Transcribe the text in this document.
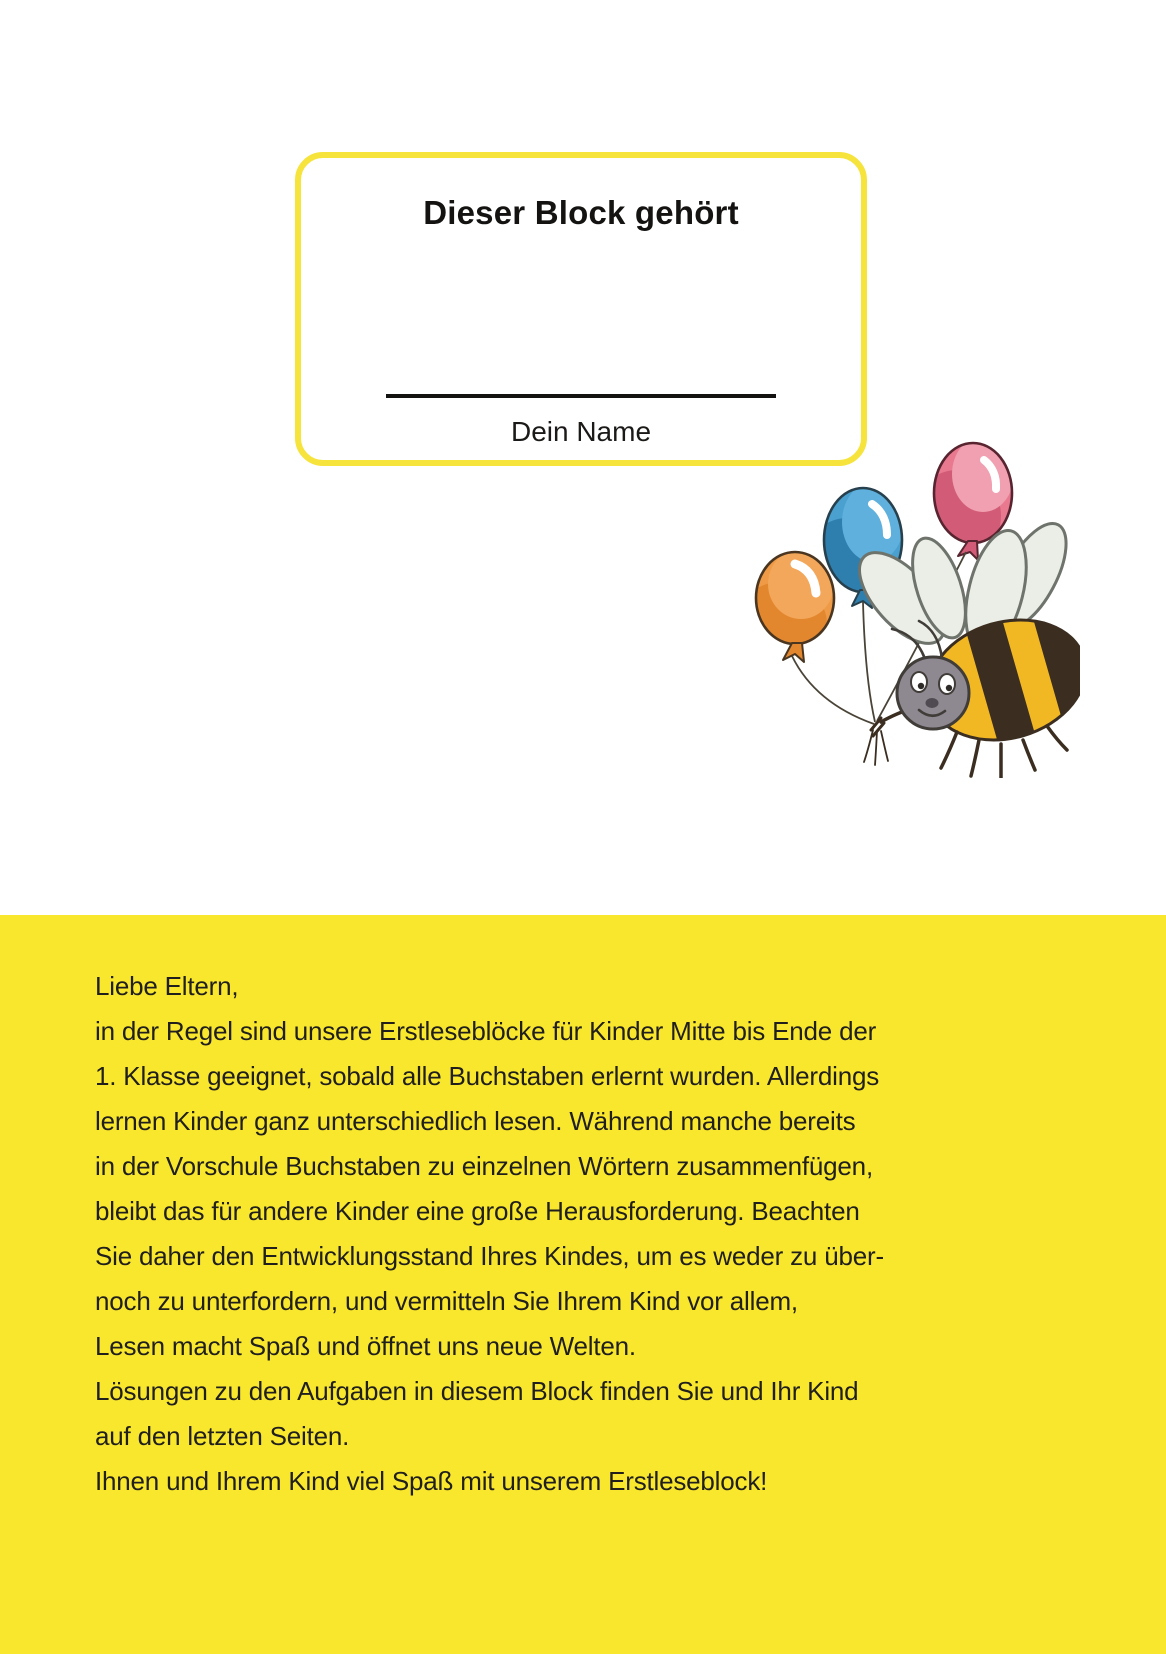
Dieser Block gehört
Dein Name
Liebe Eltern,
in der Regel sind unsere Erstleseblöcke für Kinder Mitte bis Ende der
1. Klasse geeignet, sobald alle Buchstaben erlernt wurden. Allerdings
lernen Kinder ganz unterschiedlich lesen. Während manche bereits
in der Vorschule Buchstaben zu einzelnen Wörtern zusammenfügen,
bleibt das für andere Kinder eine große Herausforderung. Beachten
Sie daher den Entwicklungsstand Ihres Kindes, um es weder zu über-
noch zu unterfordern, und vermitteln Sie Ihrem Kind vor allem,
Lesen macht Spaß und öffnet uns neue Welten.
Lösungen zu den Aufgaben in diesem Block finden Sie und Ihr Kind
auf den letzten Seiten.
Ihnen und Ihrem Kind viel Spaß mit unserem Erstleseblock!
